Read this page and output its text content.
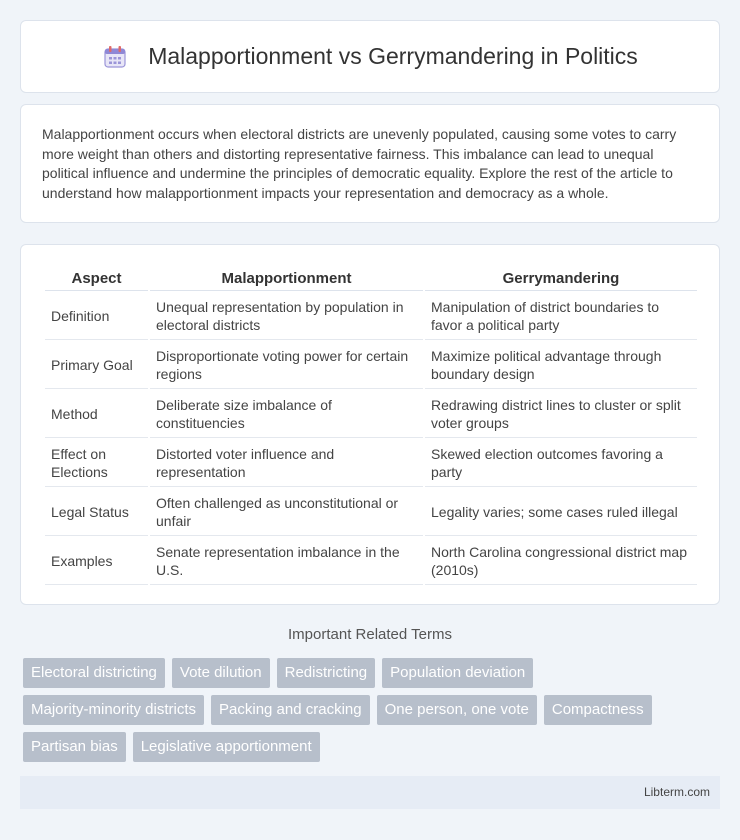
Malapportionment vs Gerrymandering in Politics

Malapportionment occurs when electoral districts are unevenly populated, causing some votes to carry more weight than others and distorting representative fairness. This imbalance can lead to unequal political influence and undermine the principles of democratic equality. Explore the rest of the article to understand how malapportionment impacts your representation and democracy as a whole.

Aspect	Malapportionment	Gerrymandering
Definition	Unequal representation by population in electoral districts	Manipulation of district boundaries to favor a political party
Primary Goal	Disproportionate voting power for certain regions	Maximize political advantage through boundary design
Method	Deliberate size imbalance of constituencies	Redrawing district lines to cluster or split voter groups
Effect on Elections	Distorted voter influence and representation	Skewed election outcomes favoring a party
Legal Status	Often challenged as unconstitutional or unfair	Legality varies; some cases ruled illegal
Examples	Senate representation imbalance in the U.S.	North Carolina congressional district map (2010s)
Important Related Terms
Electoral districting	Vote dilution	Redistricting	Population deviation
Majority-minority districts	Packing and cracking	One person, one vote	Compactness
Partisan bias	Legislative apportionment
Libterm.com
